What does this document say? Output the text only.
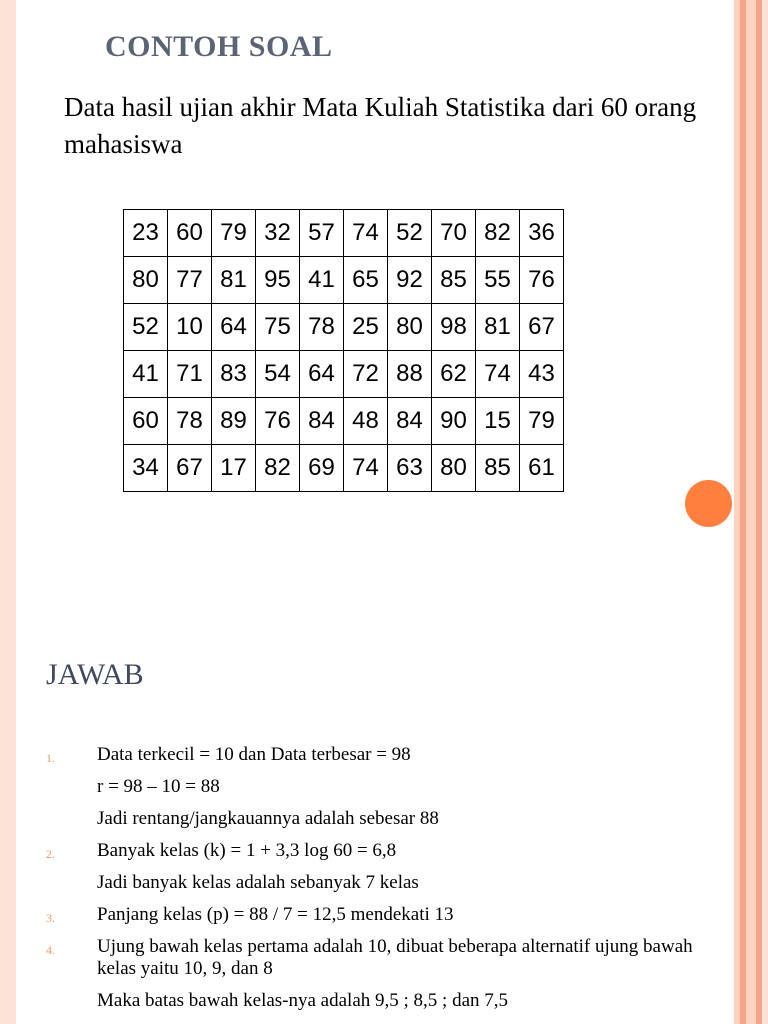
CONTOH SOAL
Data hasil ujian akhir Mata Kuliah Statistika dari 60 orang mahasiswa
23	60	79	32	57	74	52	70	82	36
80	77	81	95	41	65	92	85	55	76
52	10	64	75	78	25	80	98	81	67
41	71	83	54	64	72	88	62	74	43
60	78	89	76	84	48	84	90	15	79
34	67	17	82	69	74	63	80	85	61
JAWAB
1. Data terkecil = 10 dan Data terbesar = 98
r = 98 – 10 = 88
Jadi rentang/jangkauannya adalah sebesar 88
2. Banyak kelas (k) = 1 + 3,3 log 60 = 6,8
Jadi banyak kelas adalah sebanyak 7 kelas
3. Panjang kelas (p) = 88 / 7 = 12,5 mendekati 13
4. Ujung bawah kelas pertama adalah 10, dibuat beberapa alternatif ujung bawah kelas yaitu 10, 9, dan 8
Maka batas bawah kelas-nya adalah 9,5 ; 8,5 ; dan 7,5
